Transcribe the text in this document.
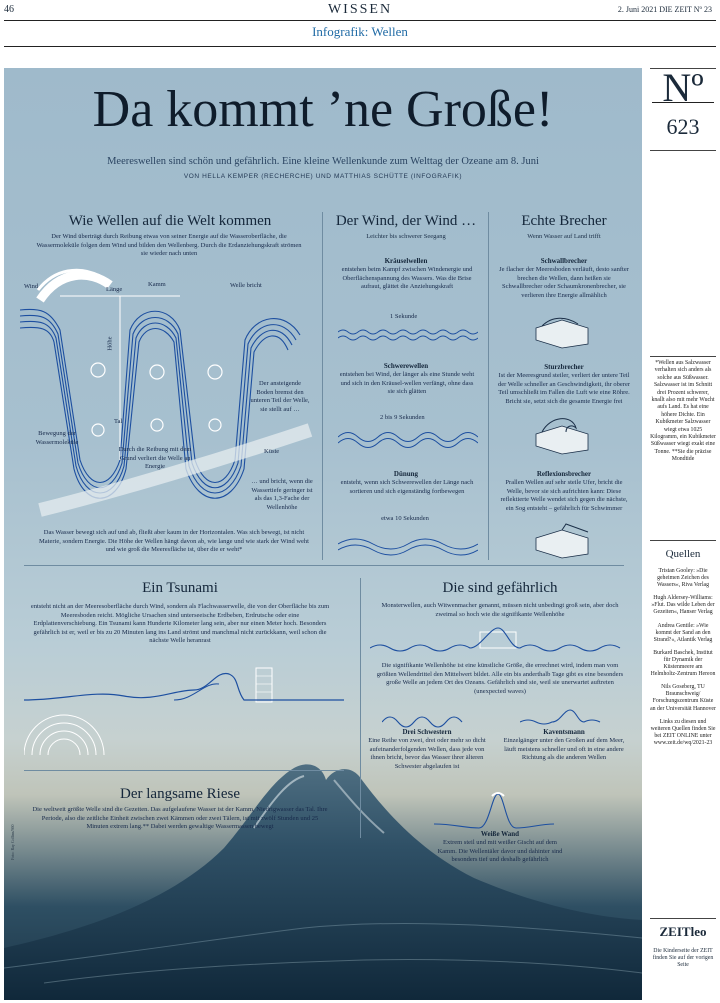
46	WISSEN	2. Juni 2021 DIE ZEIT Nº 23
Infografik: Wellen
Da kommt ’ne Große!
Meereswellen sind schön und gefährlich. Eine kleine Wellenkunde zum Welttag der Ozeane am 8. Juni
VON HELLA KEMPER (RECHERCHE) UND MATTHIAS SCHÜTTE (INFOGRAFIK)
Wie Wellen auf die Welt kommen
Der Wind überträgt durch Reibung etwas von seiner Energie auf die Wasseroberfläche, die Wassermoleküle folgen dem Wind und bilden den Wellenberg. Durch die Erdanziehungskraft strömen sie wieder nach unten
Wind	Länge
Kamm	Welle bricht
Höhe
Tal
Der ansteigende Boden bremst den unteren Teil der Welle, sie stellt auf …
Bewegung der Wassermoleküle
Durch die Reibung mit dem Grund verliert die Welle an Energie
Küste
… und bricht, wenn die Wassertiefe geringer ist als das 1,3-Fache der Wellenhöhe
Das Wasser bewegt sich auf und ab, fließt aber kaum in der Horizontalen. Was sich bewegt, ist nicht Materie, sondern Energie. Die Höhe der Wellen hängt davon ab, wie lange und wie stark der Wind weht und wie groß die Meeresfläche ist, über die er weht*
Der Wind, der Wind …
Leichter bis schwerer Seegang
Kräuselwellen
entstehen beim Kampf zwischen Windenergie und Oberflächenspannung des Wassers. Was die Brise aufraut, glättet die Anziehungskraft
1 Sekunde
Schwerewellen
entstehen bei Wind, der länger als eine Stunde weht und sich in den Kräusel-wellen verfängt, ohne dass sie sich glätten
2 bis 9 Sekunden
Dünung
entsteht, wenn sich Schwerewellen der Länge nach sortieren und sich eigenständig fortbewegen
etwa 10 Sekunden
Echte Brecher
Wenn Wasser auf Land trifft
Schwallbrecher
Je flacher der Meeresboden verläuft, desto sanfter brechen die Wellen, dann heißen sie Schwallbrecher oder Schaumkronenbrecher, sie verlieren ihre Energie allmählich
Sturzbrecher
Ist der Meeresgrund steiler, verliert der untere Teil der Welle schneller an Geschwindigkeit, ihr oberer Teil umschließt im Fallen die Luft wie eine Röhre. Bricht sie, setzt sich die gesamte Energie frei
Reflexionsbrecher
Prallen Wellen auf sehr steile Ufer, bricht die Welle, bevor sie sich aufrichten kann: Diese reflektierte Welle wendet sich gegen die nächste, ein Sog entsteht – gefährlich für Schwimmer
Ein Tsunami
entsteht nicht an der Meeresoberfläche durch Wind, sondern als Flachwasserwelle, die von der Oberfläche bis zum Meeresboden reicht. Mögliche Ursachen sind unterseeische Erdbeben, Erdrutsche oder eine Erdplattenverschiebung. Ein Tsunami kann Hunderte Kilometer lang sein, aber nur einen Meter hoch. Besonders gefährlich ist er, weil er bis zu 20 Minuten lang ins Land strömt und manchmal nicht zurückkann, weil schon die nächste Welle heranrast
Der langsame Riese
Die weltweit größte Welle sind die Gezeiten. Das aufgelaufene Wasser ist der Kamm, Niedrigwasser das Tal. Ihre Periode, also die zeitliche Einheit zwischen zwei Kämmen oder zwei Tälern, ist mit zwölf Stunden und 25 Minuten extrem lang.** Dabei werden gewaltige Wassermassen bewegt
Die sind gefährlich
Monsterwellen, auch Witwenmacher genannt, müssen nicht unbedingt groß sein, aber doch zweimal so hoch wie die signifikante Wellenhöhe
Die signifikante Wellenhöhe ist eine künstliche Größe, die errechnet wird, indem man vom größten Wellendrittel den Mittelwert bildet. Alle ein bis anderthalb Tage gibt es eine besonders große Welle an jedem Ort des Ozeans. Gefährlich sind sie, weil sie unerwartet auftreten (unexpected waves)
Drei Schwestern
Eine Reihe von zwei, drei oder mehr so dicht aufeinanderfolgenden Wellen, dass jede von ihnen bricht, bevor das Wasser ihrer älteren Schwester abgelaufen ist
Kaventsmann
Einzelgänger unter den Großen auf dem Meer, läuft meistens schneller und oft in eine andere Richtung als die anderen Wellen
Weiße Wand
Extrem steil und mit weißer Gischt auf dem Kamm. Die Wellentäler davor und dahinter sind besonders tief und deshalb gefährlich
Foto: Ray Collins/360
Nº
623
*Wellen aus Salzwasser verhalten sich anders als solche aus Süßwasser. Salzwasser ist im Schnitt drei Prozent schwerer, knallt also mit mehr Wucht aufs Land. Es hat eine höhere Dichte. Ein Kubikmeter Salzwasser wiegt etwa 1025 Kilogramm, ein Kubikmeter Süßwasser wiegt exakt eine Tonne. **Sie die präzise Mondtide
Quellen
Tristan Gooley: »Die geheimen Zeichen des Wassers«, Riva Verlag
Hugh Aldersey-Williams: »Flut. Das wilde Leben der Gezeiten«, Hanser Verlag
Andrea Gentile: »Wie kommt der Sand an den Strand?«, Atlantik Verlag
Burkard Baschek, Institut für Dynamik der Küstenmeere am Helmholtz-Zentrum Hereon
Nils Goseberg, TU Braunschweig/ Forschungszentrum Küste an der Universität Hannover
Links zu diesen und weiteren Quellen finden Sie bei ZEIT ONLINE unter www.zeit.de/wq/2021-23
ZEITleo
Die Kinderseite der ZEIT finden Sie auf der vorigen Seite
